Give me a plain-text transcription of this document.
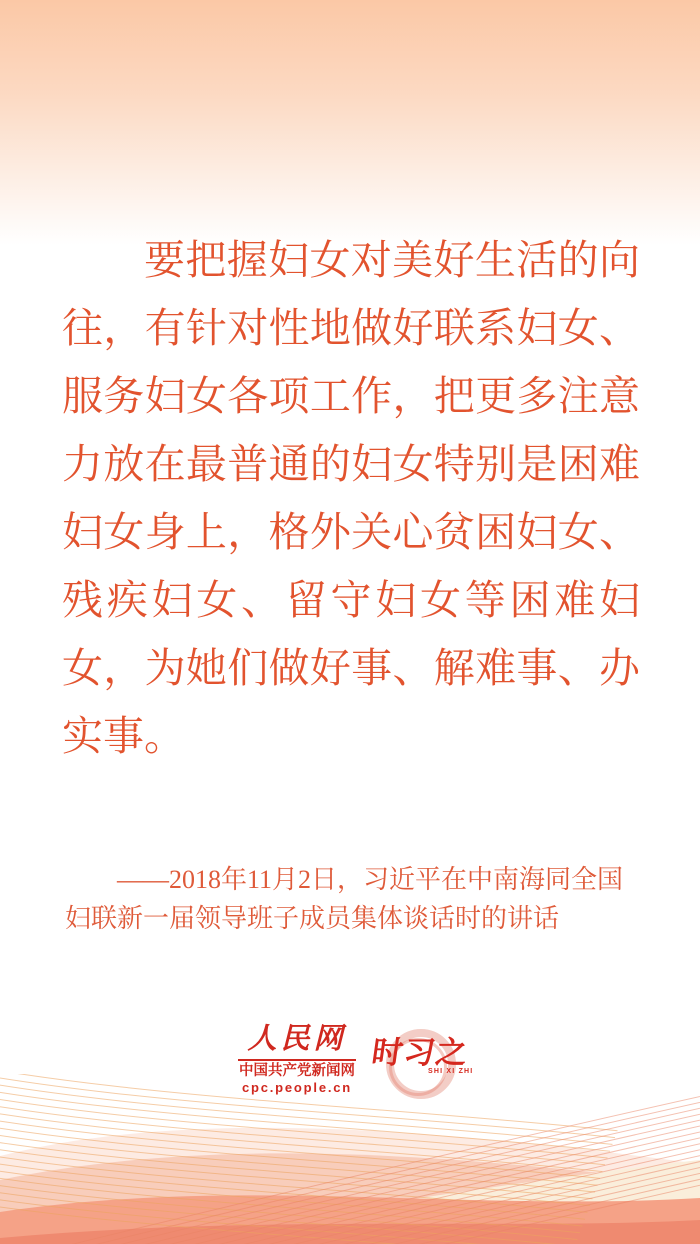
要把握妇女对美好生活的向往，有针对性地做好联系妇女、服务妇女各项工作，把更多注意力放在最普通的妇女特别是困难妇女身上，格外关心贫困妇女、残疾妇女、留守妇女等困难妇女，为她们做好事、解难事、办实事。

——2018年11月2日，习近平在中南海同全国妇联新一届领导班子成员集体谈话时的讲话

人民网
中国共产党新闻网
cpc.people.cn

时习之

SHI XI ZHI
